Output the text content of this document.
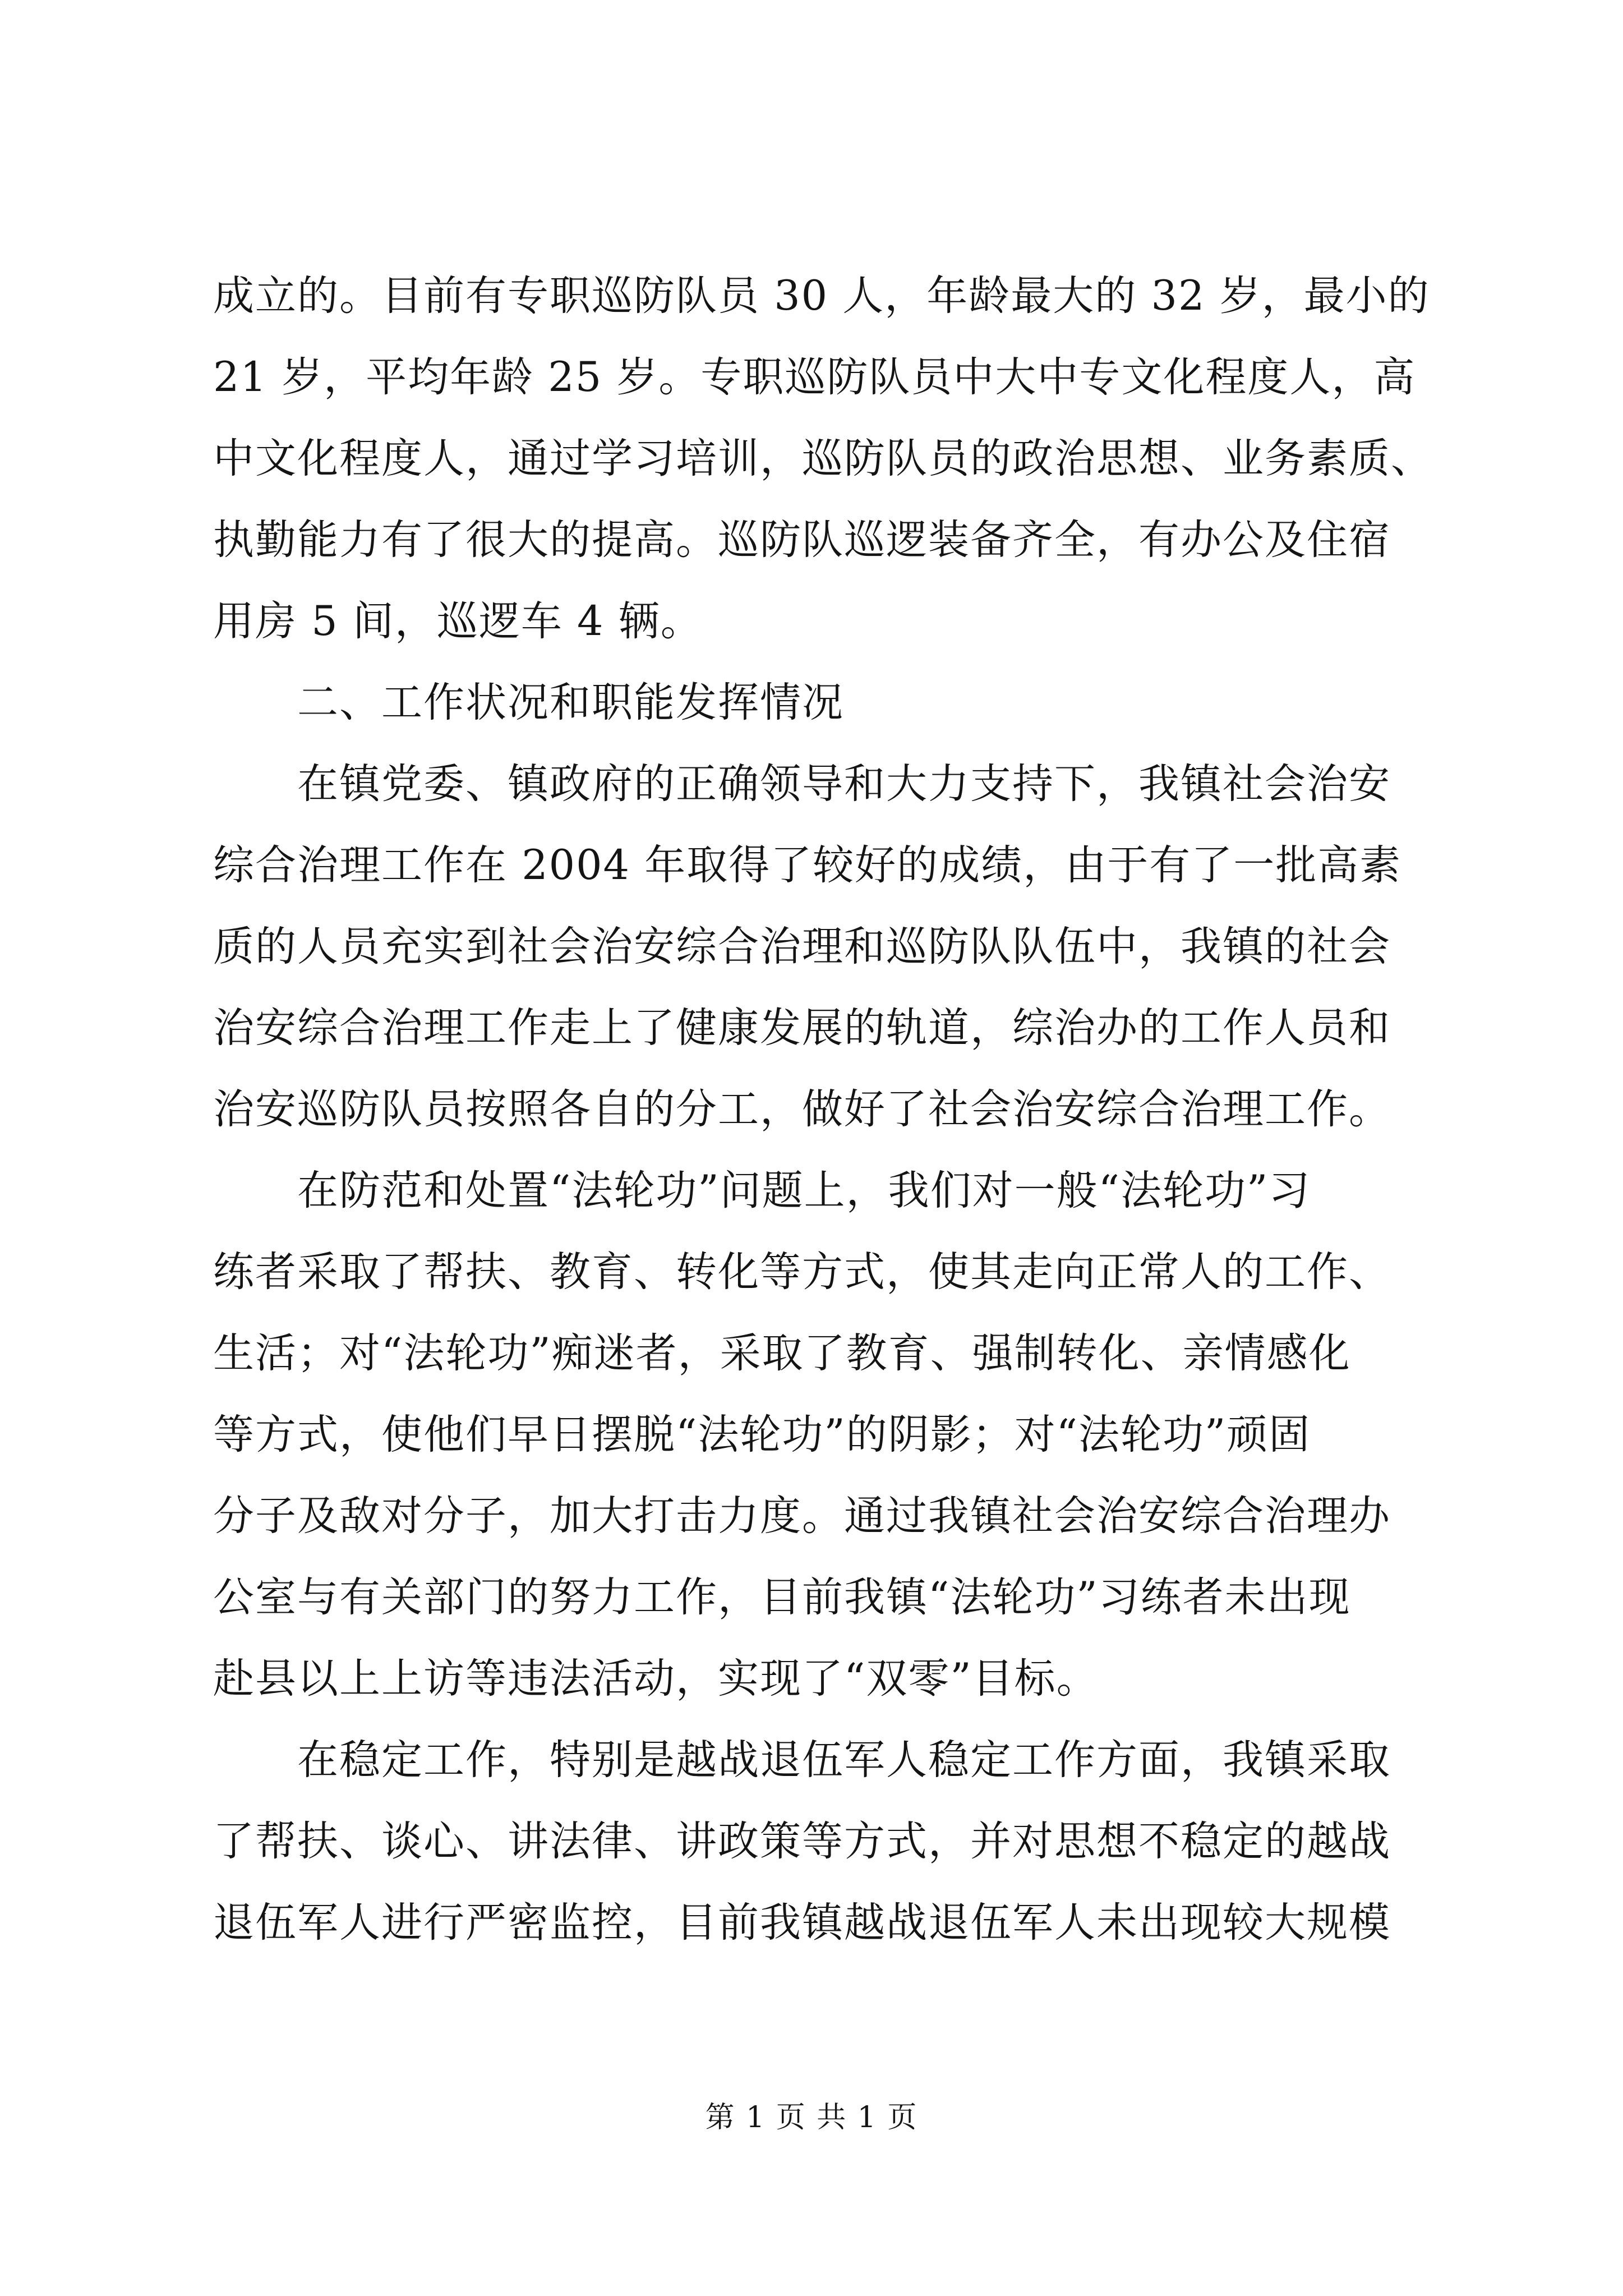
成立的。目前有专职巡防队员 30 人，年龄最大的 32 岁，最小的
21 岁，平均年龄 25 岁。专职巡防队员中大中专文化程度人，高
中文化程度人，通过学习培训，巡防队员的政治思想、业务素质、
执勤能力有了很大的提高。巡防队巡逻装备齐全，有办公及住宿
用房 5 间，巡逻车 4 辆。
二、工作状况和职能发挥情况
在镇党委、镇政府的正确领导和大力支持下，我镇社会治安
综合治理工作在 2004 年取得了较好的成绩，由于有了一批高素
质的人员充实到社会治安综合治理和巡防队队伍中，我镇的社会
治安综合治理工作走上了健康发展的轨道，综治办的工作人员和
治安巡防队员按照各自的分工，做好了社会治安综合治理工作。
在防范和处置“法轮功”问题上，我们对一般“法轮功”习
练者采取了帮扶、教育、转化等方式，使其走向正常人的工作、
生活；对“法轮功”痴迷者，采取了教育、强制转化、亲情感化
等方式，使他们早日摆脱“法轮功”的阴影；对“法轮功”顽固
分子及敌对分子，加大打击力度。通过我镇社会治安综合治理办
公室与有关部门的努力工作，目前我镇“法轮功”习练者未出现
赴县以上上访等违法活动，实现了“双零”目标。
在稳定工作，特别是越战退伍军人稳定工作方面，我镇采取
了帮扶、谈心、讲法律、讲政策等方式，并对思想不稳定的越战
退伍军人进行严密监控，目前我镇越战退伍军人未出现较大规模
第 1 页 共 1 页
